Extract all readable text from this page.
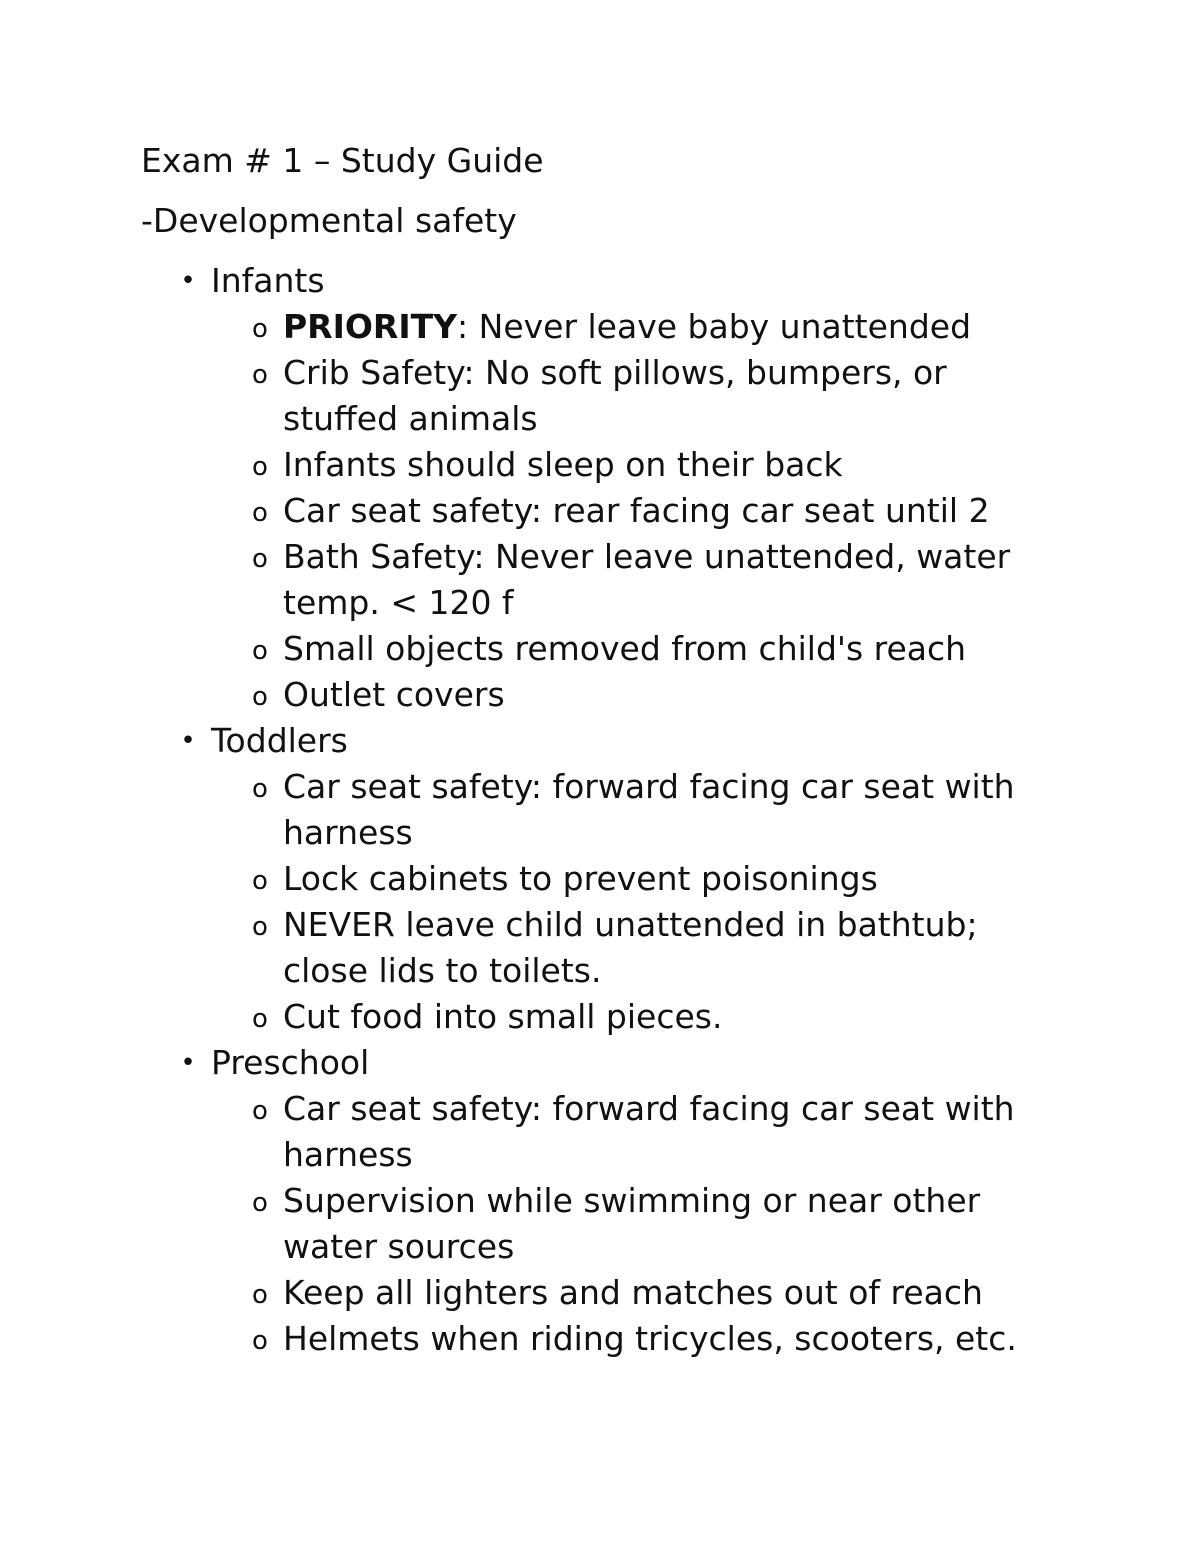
Exam # 1 – Study Guide

-Developmental safety

• Infants
o PRIORITY: Never leave baby unattended
o Crib Safety: No soft pillows, bumpers, or stuffed animals
o Infants should sleep on their back
o Car seat safety: rear facing car seat until 2
o Bath Safety: Never leave unattended, water temp. < 120 f
o Small objects removed from child's reach
o Outlet covers
• Toddlers
o Car seat safety: forward facing car seat with harness
o Lock cabinets to prevent poisonings
o NEVER leave child unattended in bathtub; close lids to toilets.
o Cut food into small pieces.
• Preschool
o Car seat safety: forward facing car seat with harness
o Supervision while swimming or near other water sources
o Keep all lighters and matches out of reach
o Helmets when riding tricycles, scooters, etc.
